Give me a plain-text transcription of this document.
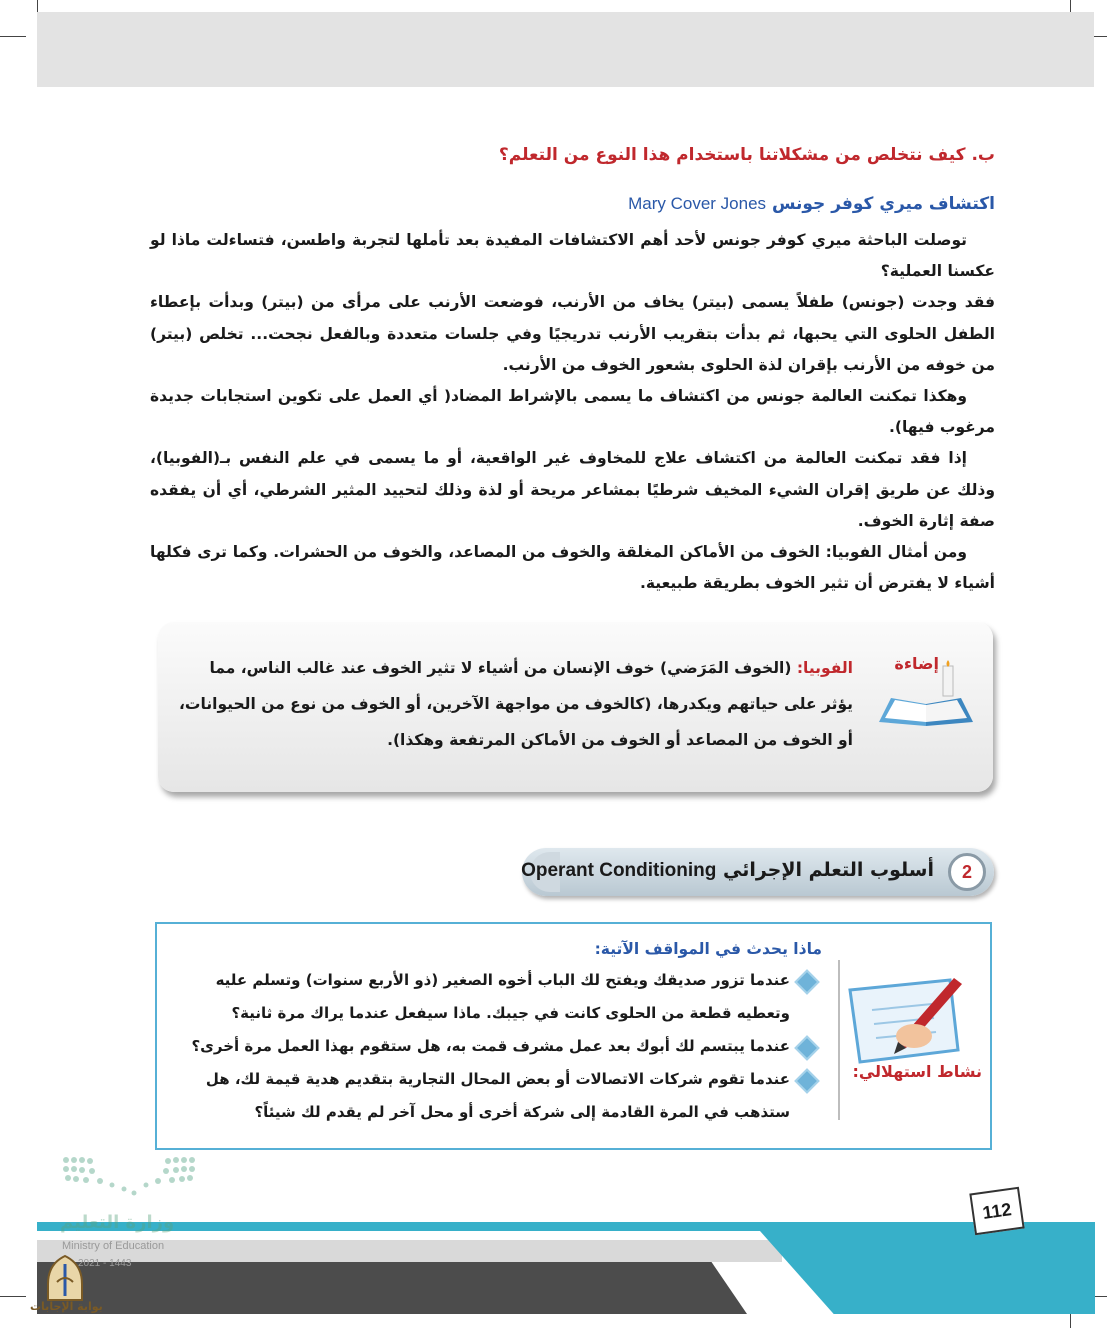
ب. كيف نتخلص من مشكلاتنا باستخدام هذا النوع من التعلم؟
اكتشاف ميري كوفر جونس Mary Cover Jones

توصلت الباحثة ميري كوفر جونس لأحد أهم الاكتشافات المفيدة بعد تأملها لتجربة واطسن، فتساءلت ماذا لو عكسنا العملية؟

فقد وجدت (جونس) طفلاً يسمى (بيتر) يخاف من الأرنب، فوضعت الأرنب على مرأى من (بيتر) وبدأت بإعطاء الطفل الحلوى التي يحبها، ثم بدأت بتقريب الأرنب تدريجيًا وفي جلسات متعددة وبالفعل نجحت... تخلص (بيتر) من خوفه من الأرنب بإقران لذة الحلوى بشعور الخوف من الأرنب.

وهكذا تمكنت العالمة جونس من اكتشاف ما يسمى بالإشراط المضاد( أي العمل على تكوين استجابات جديدة مرغوب فيها).

إذا فقد تمكنت العالمة من اكتشاف علاج للمخاوف غير الواقعية، أو ما يسمى في علم النفس بـ(الفوبيا)، وذلك عن طريق إقران الشيء المخيف شرطيًا بمشاعر مريحة أو لذة وذلك لتحييد المثير الشرطي، أي أن يفقده صفة إثارة الخوف.

ومن أمثال الفوبيا: الخوف من الأماكن المغلقة والخوف من المصاعد، والخوف من الحشرات. وكما ترى فكلها أشياء لا يفترض أن تثير الخوف بطريقة طبيعية.

إضاءة
الفوبيا: (الخوف المَرَضي) خوف الإنسان من أشياء لا تثير الخوف عند غالب الناس، مما يؤثر على حياتهم ويكدرها، (كالخوف من مواجهة الآخرين، أو الخوف من نوع من الحيوانات، أو الخوف من المصاعد أو الخوف من الأماكن المرتفعة وهكذا).
2
أسلوب التعلم الإجرائي Operant Conditioning
نشاط استهلالي:
ماذا يحدث في المواقف الآتية:
عندما تزور صديقك ويفتح لك الباب أخوه الصغير (ذو الأربع سنوات) وتسلم عليه وتعطيه قطعة من الحلوى كانت في جيبك. ماذا سيفعل عندما يراك مرة ثانية؟
عندما يبتسم لك أبوك بعد عمل مشرف قمت به، هل ستقوم بهذا العمل مرة أخرى؟
عندما تقوم شركات الاتصالات أو بعض المحال التجارية بتقديم هدية قيمة لك، هل ستذهب في المرة القادمة إلى شركة أخرى أو محل آخر لم يقدم لك شيئاً؟
وزارة التعليم
Ministry of Education
2021 - 1443
112
بوابة الإجابات
